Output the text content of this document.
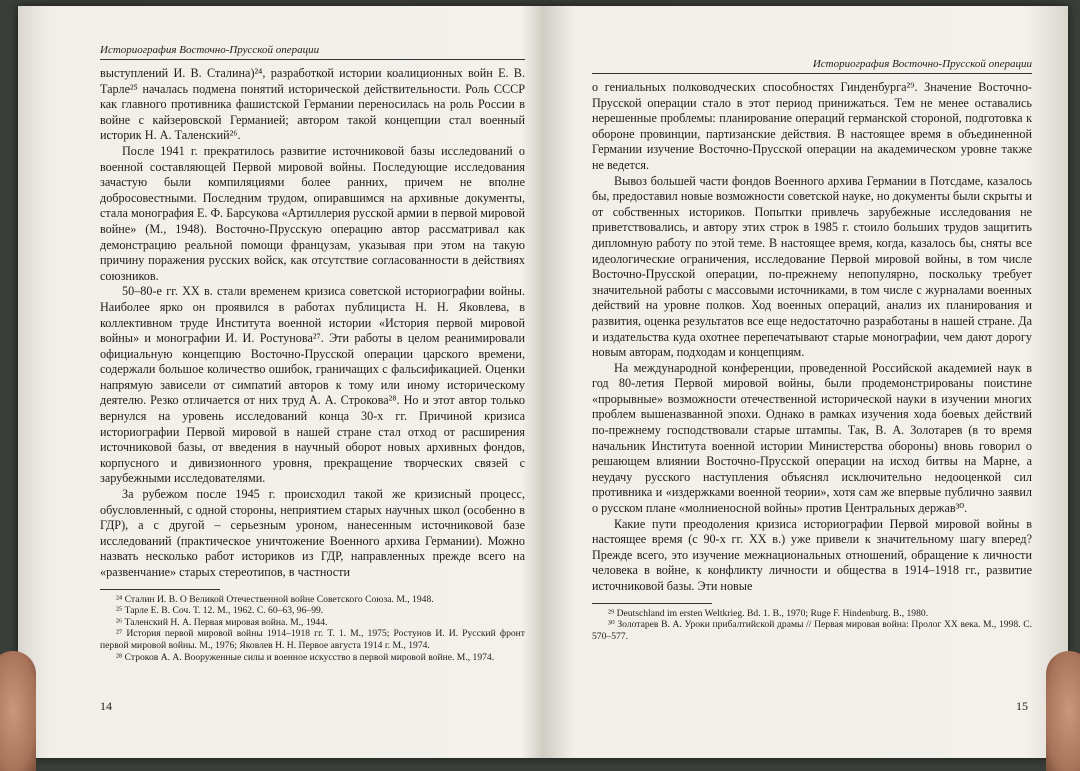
Историография Восточно-Прусской операции

выступлений И. В. Сталина)²⁴, разработкой истории коалиционных войн Е. В. Тарле²⁵ началась подмена понятий исторической действительности. Роль СССР как главного противника фашистской Германии переносилась на роль России в войне с кайзеровской Германией; автором такой концепции стал военный историк Н. А. Таленский²⁶.

После 1941 г. прекратилось развитие источниковой базы исследований о военной составляющей Первой мировой войны. Последующие исследования зачастую были компиляциями более ранних, причем не вполне добросовестными. Последним трудом, опиравшимся на архивные документы, стала монография Е. Ф. Барсукова «Артиллерия русской армии в первой мировой войне» (М., 1948). Восточно-Прусскую операцию автор рассматривал как демонстрацию реальной помощи французам, указывая при этом на такую причину поражения русских войск, как отсутствие согласованности в действиях союзников.

50–80-е гг. XX в. стали временем кризиса советской историографии войны. Наиболее ярко он проявился в работах публициста Н. Н. Яковлева, в коллективном труде Института военной истории «История первой мировой войны» и монографии И. И. Ростунова²⁷. Эти работы в целом реанимировали официальную концепцию Восточно-Прусской операции царского времени, содержали большое количество ошибок, граничащих с фальсификацией. Оценки напрямую зависели от симпатий авторов к тому или иному историческому деятелю. Резко отличается от них труд А. А. Строкова²⁸. Но и этот автор только вернулся на уровень исследований конца 30-х гг. Причиной кризиса историографии Первой мировой в нашей стране стал отход от расширения источниковой базы, от введения в научный оборот новых архивных фондов, корпусного и дивизионного уровня, прекращение творческих связей с зарубежными исследователями.

За рубежом после 1945 г. происходил такой же кризисный процесс, обусловленный, с одной стороны, неприятием старых научных школ (особенно в ГДР), а с другой – серьезным уроном, нанесенным источниковой базе исследований (практическое уничтожение Военного архива Германии). Можно назвать несколько работ историков из ГДР, направленных прежде всего на «развенчание» старых стереотипов, в частности

²⁴ Сталин И. В. О Великой Отечественной войне Советского Союза. М., 1948.

²⁵ Тарле Е. В. Соч. Т. 12. М., 1962. С. 60–63, 96–99.

²⁶ Таленский Н. А. Первая мировая война. М., 1944.

²⁷ История первой мировой войны 1914–1918 гг. Т. 1. М., 1975; Ростунов И. И. Русский фронт первой мировой войны. М., 1976; Яковлев Н. Н. Первое августа 1914 г. М., 1974.

²⁸ Строков А. А. Вооруженные силы и военное искусство в первой мировой войне. М., 1974.

14
Историография Восточно-Прусской операции

о гениальных полководческих способностях Гинденбурга²⁹. Значение Восточно-Прусской операции стало в этот период принижаться. Тем не менее оставались нерешенные проблемы: планирование операций германской стороной, подготовка к обороне провинции, партизанские действия. В настоящее время в объединенной Германии изучение Восточно-Прусской операции на академическом уровне также не ведется.

Вывоз большей части фондов Военного архива Германии в Потсдаме, казалось бы, предоставил новые возможности советской науке, но документы были скрыты и от собственных историков. Попытки привлечь зарубежные исследования не приветствовались, и автору этих строк в 1985 г. стоило больших трудов защитить дипломную работу по этой теме. В настоящее время, когда, казалось бы, сняты все идеологические ограничения, исследование Первой мировой войны, в том числе Восточно-Прусской операции, по-прежнему непопулярно, поскольку требует значительной работы с массовыми источниками, в том числе с журналами военных действий на уровне полков. Ход военных операций, анализ их планирования и развития, оценка результатов все еще недостаточно разработаны в нашей стране. Да и издательства куда охотнее перепечатывают старые монографии, чем дают дорогу новым авторам, подходам и концепциям.

На международной конференции, проведенной Российской академией наук в год 80-летия Первой мировой войны, были продемонстрированы поистине «прорывные» возможности отечественной исторической науки в изучении многих проблем вышеназванной эпохи. Однако в рамках изучения хода боевых действий по-прежнему господствовали старые штампы. Так, В. А. Золотарев (в то время начальник Института военной истории Министерства обороны) вновь говорил о решающем влиянии Восточно-Прусской операции на исход битвы на Марне, а неудачу русского наступления объяснял исключительно недооценкой сил противника и «издержками военной теории», хотя сам же впервые публично заявил о русском плане «молниеносной войны» против Центральных держав³⁰.

Какие пути преодоления кризиса историографии Первой мировой войны в настоящее время (с 90-х гг. XX в.) уже привели к значительному шагу вперед? Прежде всего, это изучение межнациональных отношений, обращение к личности человека в войне, к конфликту личности и общества в 1914–1918 гг., развитие источниковой базы. Эти новые

²⁹ Deutschland im ersten Weltkrieg. Bd. 1. B., 1970; Ruge F. Hindenburg. B., 1980.

³⁰ Золотарев В. А. Уроки прибалтийской драмы // Первая мировая война: Пролог XX века. М., 1998. С. 570–577.

15
